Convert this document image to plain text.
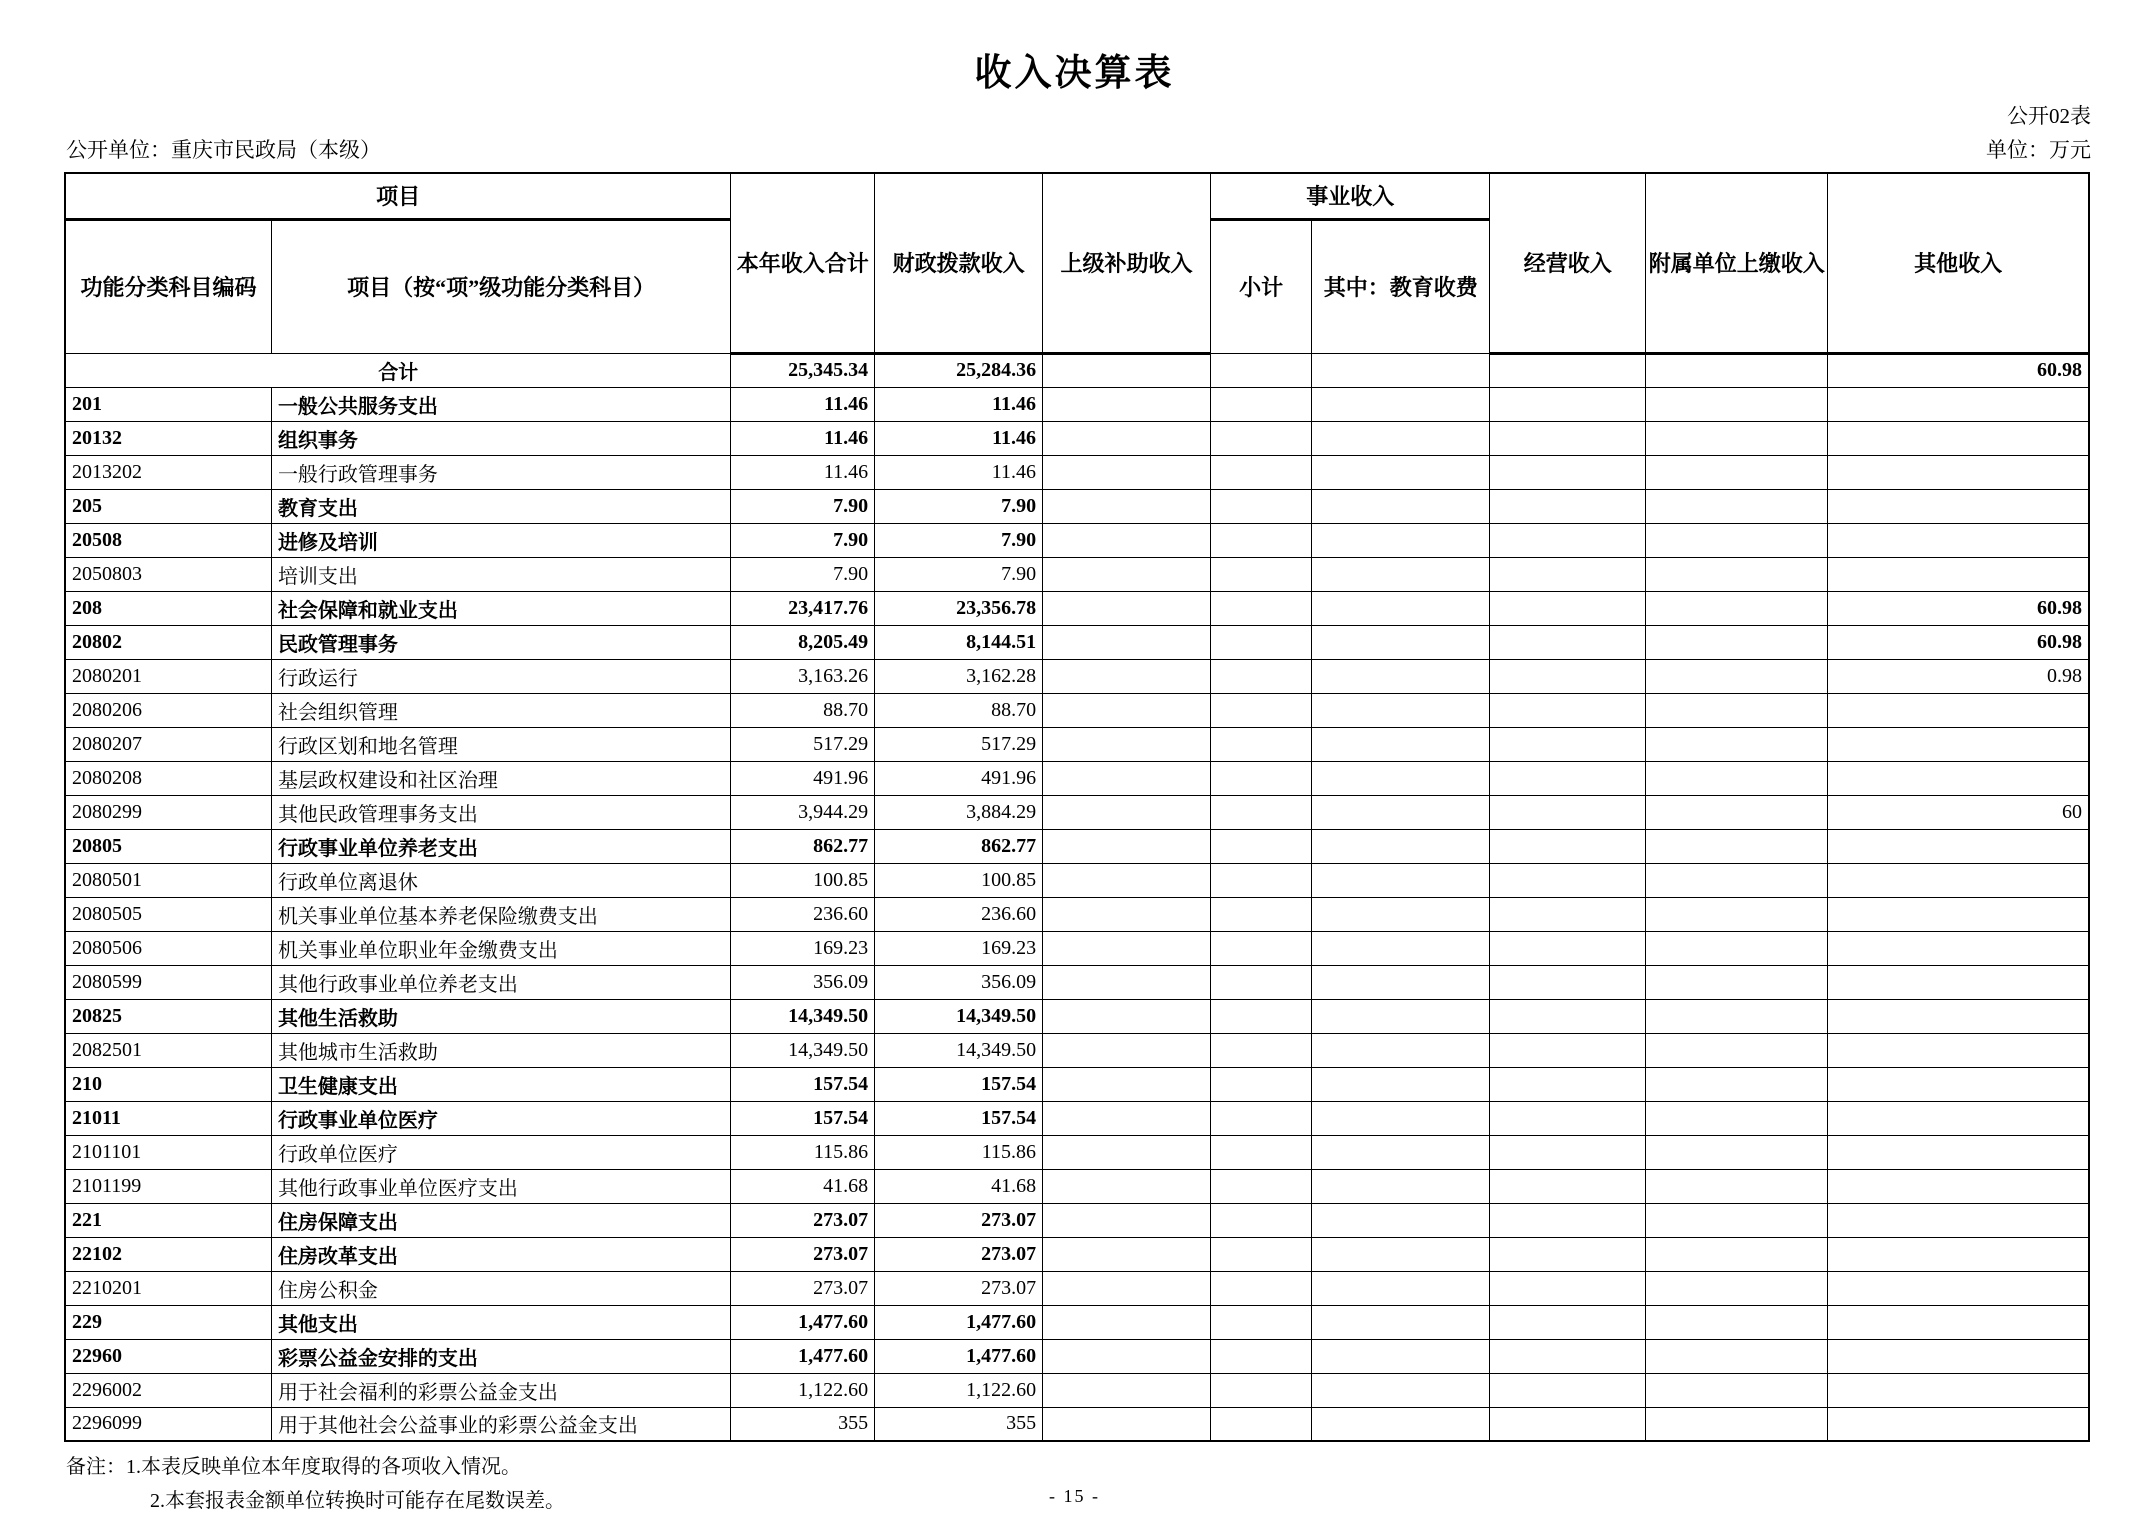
收入决算表
公开02表
公开单位：重庆市民政局（本级）	单位：万元
项目		本年收入合计	财政拨款收入	上级补助收入	事业收入		经营收入	附属单位上缴收入	其他收入
功能分类科目编码	项目（按“项”级功能分类科目）				小计	其中：教育收费			
合计		25,345.34	25,284.36						60.98
201	一般公共服务支出	11.46	11.46						
20132	组织事务	11.46	11.46						
2013202	一般行政管理事务	11.46	11.46						
205	教育支出	7.90	7.90						
20508	进修及培训	7.90	7.90						
2050803	培训支出	7.90	7.90						
208	社会保障和就业支出	23,417.76	23,356.78						60.98
20802	民政管理事务	8,205.49	8,144.51						60.98
2080201	行政运行	3,163.26	3,162.28						0.98
2080206	社会组织管理	88.70	88.70						
2080207	行政区划和地名管理	517.29	517.29						
2080208	基层政权建设和社区治理	491.96	491.96						
2080299	其他民政管理事务支出	3,944.29	3,884.29						60
20805	行政事业单位养老支出	862.77	862.77						
2080501	行政单位离退休	100.85	100.85						
2080505	机关事业单位基本养老保险缴费支出	236.60	236.60						
2080506	机关事业单位职业年金缴费支出	169.23	169.23						
2080599	其他行政事业单位养老支出	356.09	356.09						
20825	其他生活救助	14,349.50	14,349.50						
2082501	其他城市生活救助	14,349.50	14,349.50						
210	卫生健康支出	157.54	157.54						
21011	行政事业单位医疗	157.54	157.54						
2101101	行政单位医疗	115.86	115.86						
2101199	其他行政事业单位医疗支出	41.68	41.68						
221	住房保障支出	273.07	273.07						
22102	住房改革支出	273.07	273.07						
2210201	住房公积金	273.07	273.07						
229	其他支出	1,477.60	1,477.60						
22960	彩票公益金安排的支出	1,477.60	1,477.60						
2296002	用于社会福利的彩票公益金支出	1,122.60	1,122.60						
2296099	用于其他社会公益事业的彩票公益金支出	355	355						
备注：1.本表反映单位本年度取得的各项收入情况。
2.本套报表金额单位转换时可能存在尾数误差。	- 15 -
